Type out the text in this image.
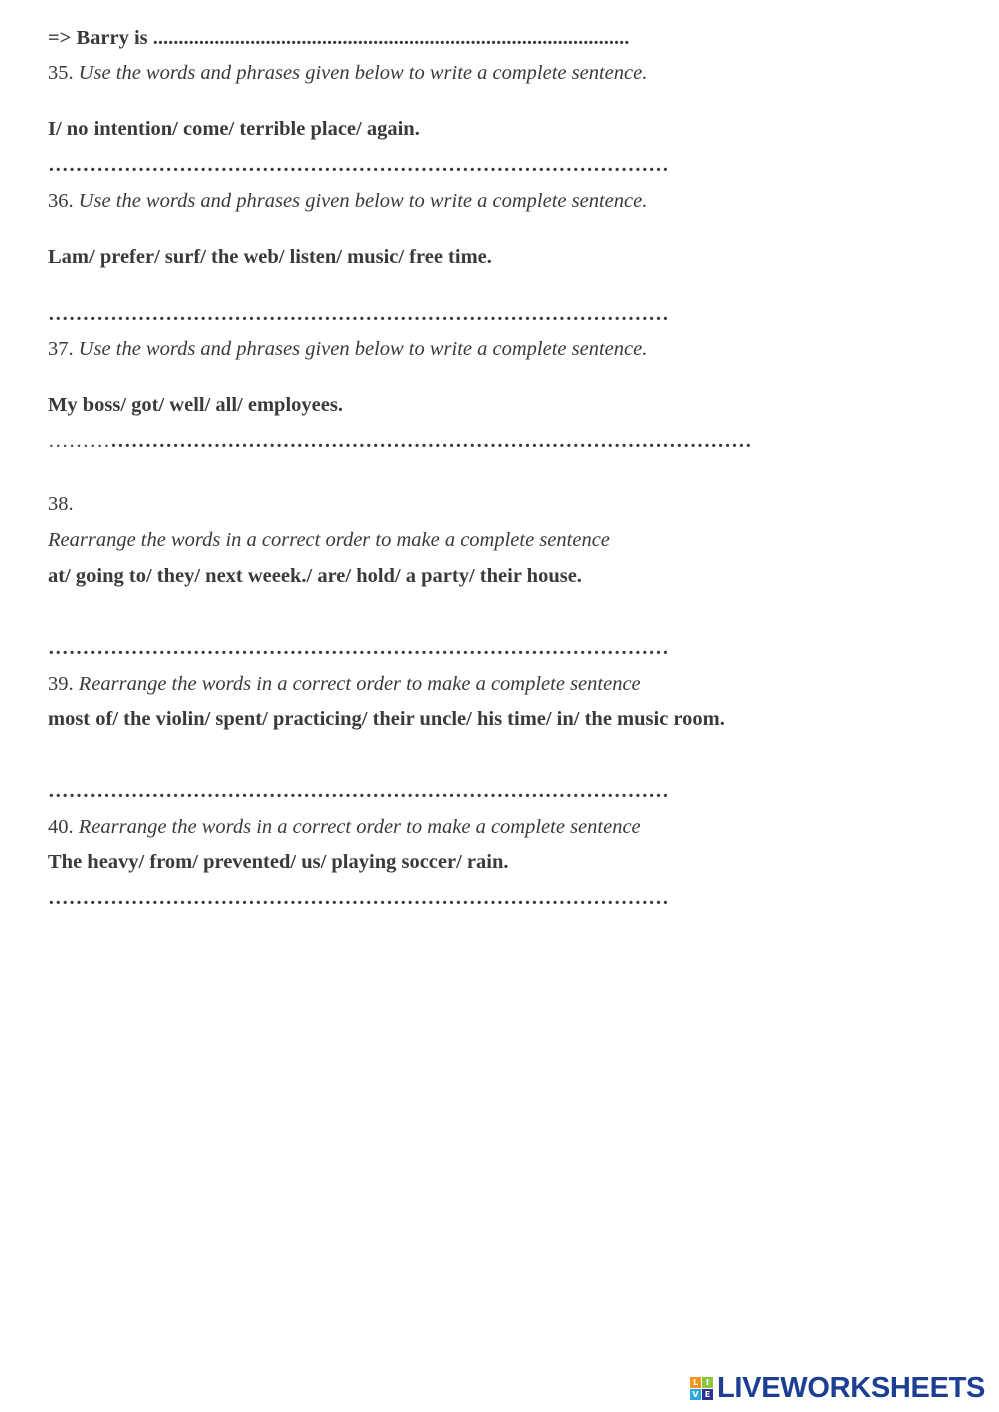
=> Barry is .............................................................................................
35. Use the words and phrases given below to write a complete sentence.
I/ no intention/ come/ terrible place/ again.
………………………………………………………………………………
36. Use the words and phrases given below to write a complete sentence.
Lam/ prefer/ surf/ the web/ listen/ music/ free time.
………………………………………………………………………………
37. Use the words and phrases given below to write a complete sentence.
My boss/ got/ well/ all/ employees.
…………………………………………………………………………………………
38.
Rearrange the words in a correct order to make a complete sentence
at/ going to/ they/ next weeek./ are/ hold/ a party/ their house.
………………………………………………………………………………
39. Rearrange the words in a correct order to make a complete sentence
most of/ the violin/ spent/ practicing/ their uncle/ his time/ in/ the music room.
………………………………………………………………………………
40. Rearrange the words in a correct order to make a complete sentence
The heavy/ from/ prevented/ us/ playing soccer/ rain.
………………………………………………………………………………
L I
V E LIVEWORKSHEETS
